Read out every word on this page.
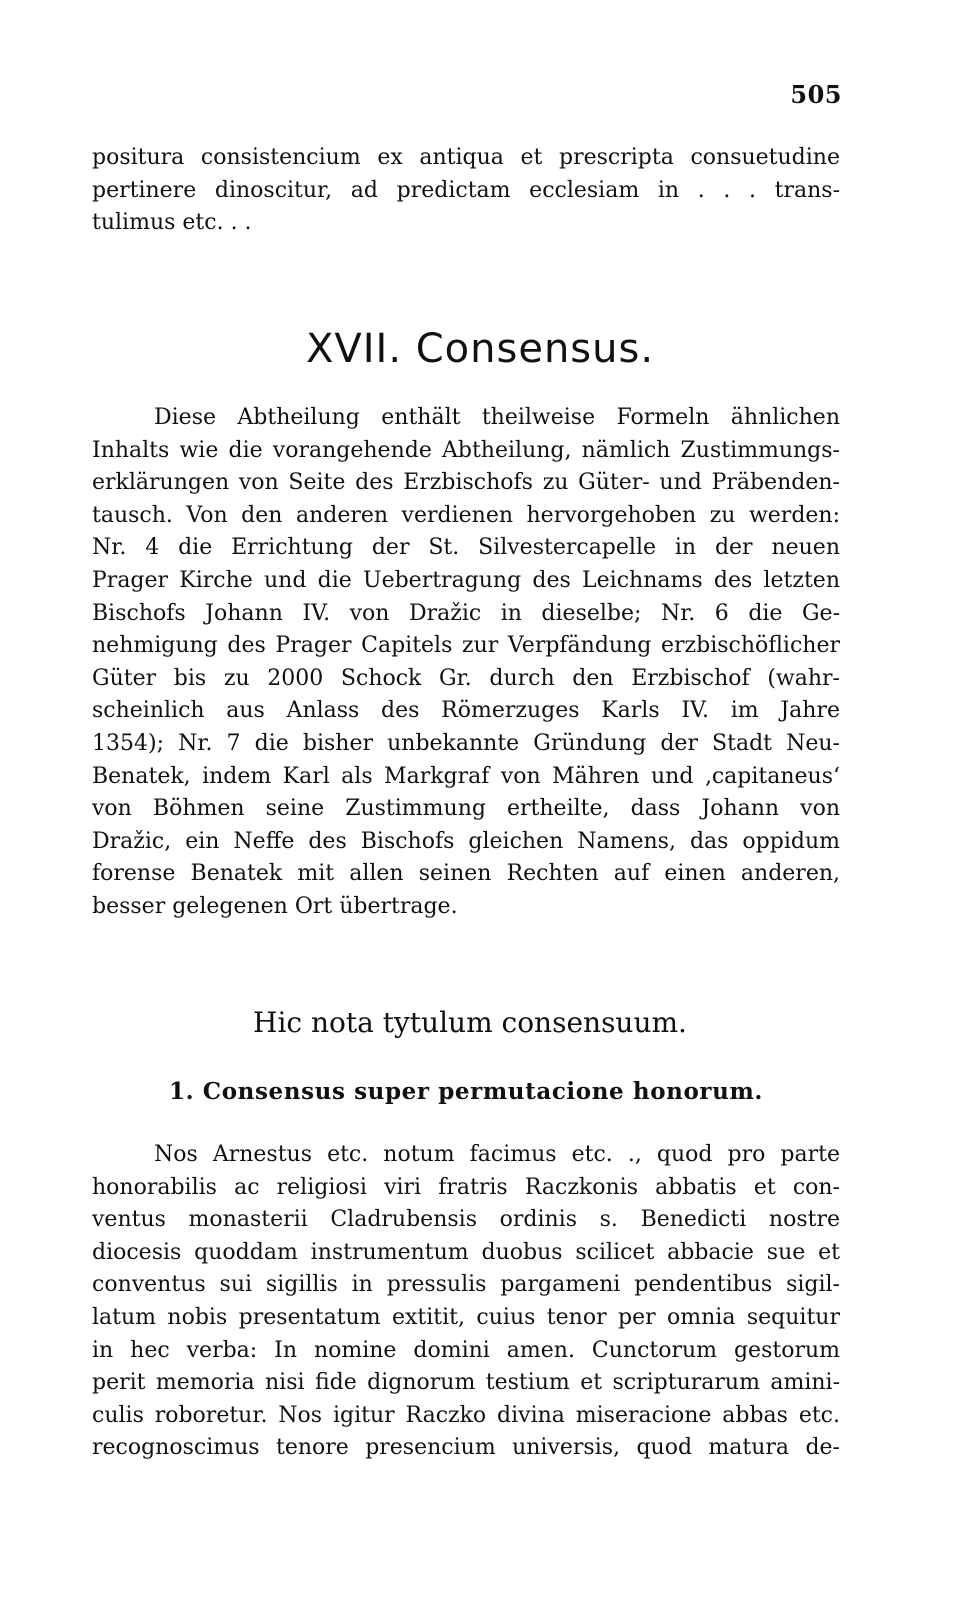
505
positura consistencium ex antiqua et prescripta consuetudine
pertinere dinoscitur, ad predictam ecclesiam in . . . trans-
tulimus etc. . .
XVII. Consensus.
Diese Abtheilung enthält theilweise Formeln ähnlichen
Inhalts wie die vorangehende Abtheilung, nämlich Zustimmungs-
erklärungen von Seite des Erzbischofs zu Güter- und Präbenden-
tausch. Von den anderen verdienen hervorgehoben zu werden:
Nr. 4 die Errichtung der St. Silvestercapelle in der neuen
Prager Kirche und die Uebertragung des Leichnams des letzten
Bischofs Johann IV. von Dražic in dieselbe; Nr. 6 die Ge-
nehmigung des Prager Capitels zur Verpfändung erzbischöflicher
Güter bis zu 2000 Schock Gr. durch den Erzbischof (wahr-
scheinlich aus Anlass des Römerzuges Karls IV. im Jahre
1354); Nr. 7 die bisher unbekannte Gründung der Stadt Neu-
Benatek, indem Karl als Markgraf von Mähren und ‚capitaneus‘
von Böhmen seine Zustimmung ertheilte, dass Johann von
Dražic, ein Neffe des Bischofs gleichen Namens, das oppidum
forense Benatek mit allen seinen Rechten auf einen anderen,
besser gelegenen Ort übertrage.
Hic nota tytulum consensuum.
1. Consensus super permutacione honorum.
Nos Arnestus etc. notum facimus etc. ., quod pro parte
honorabilis ac religiosi viri fratris Raczkonis abbatis et con-
ventus monasterii Cladrubensis ordinis s. Benedicti nostre
diocesis quoddam instrumentum duobus scilicet abbacie sue et
conventus sui sigillis in pressulis pargameni pendentibus sigil-
latum nobis presentatum extitit, cuius tenor per omnia sequitur
in hec verba: In nomine domini amen. Cunctorum gestorum
perit memoria nisi fide dignorum testium et scripturarum amini-
culis roboretur. Nos igitur Raczko divina miseracione abbas etc.
recognoscimus tenore presencium universis, quod matura de-
